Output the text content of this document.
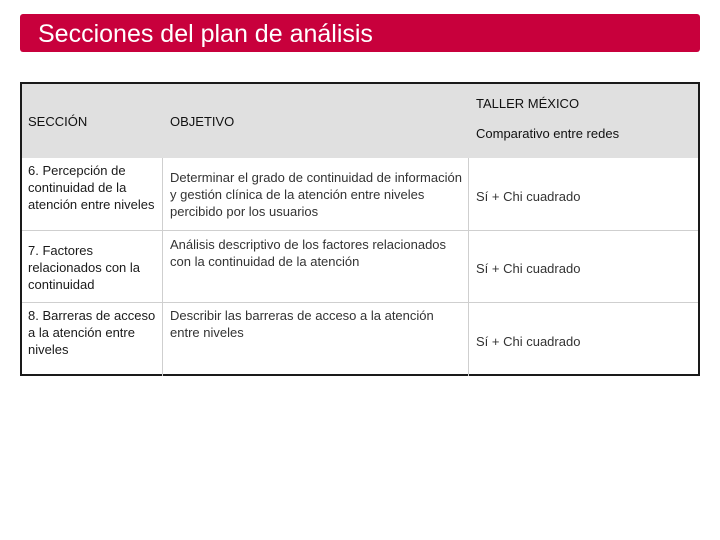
Secciones del plan de análisis
SECCIÓN	OBJETIVO
TALLER MÉXICO
Comparativo entre redes
6. Percepción de continuidad de la atención entre niveles
Determinar el grado de continuidad de información y gestión clínica de la atención entre niveles percibido por los usuarios
Sí + Chi cuadrado
7. Factores relacionados con la continuidad
Análisis descriptivo de los factores relacionados con la continuidad de la atención	Sí + Chi cuadrado
8. Barreras de acceso a la atención entre niveles
Describir las barreras de acceso a la atención entre niveles
Sí + Chi cuadrado
